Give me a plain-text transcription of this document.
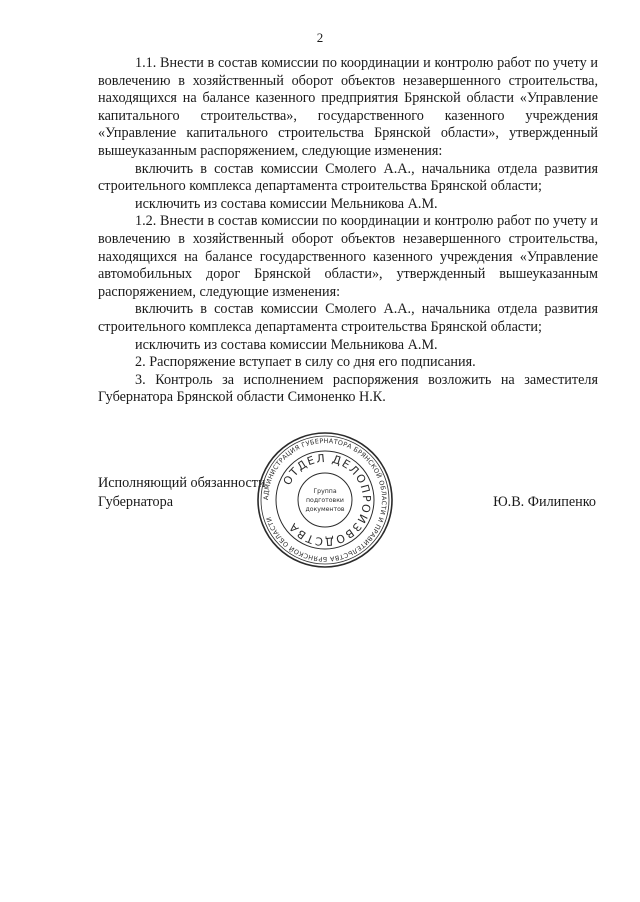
2

1.1. Внести в состав комиссии по координации и контролю работ по учету и вовлечению в хозяйственный оборот объектов незавершенного строительства, находящихся на балансе казенного предприятия Брянской области «Управление капитального строительства», государственного казенного учреждения «Управление капитального строительства Брянской области», утвержденный вышеуказанным распоряжением, следующие изменения:

включить в состав комиссии Смолего А.А., начальника отдела развития строительного комплекса департамента строительства Брянской области;

исключить из состава комиссии Мельникова А.М.

1.2. Внести в состав комиссии по координации и контролю работ по учету и вовлечению в хозяйственный оборот объектов незавершенного строительства, находящихся на балансе государственного казенного учреждения «Управление автомобильных дорог Брянской области», утвержденный вышеуказанным распоряжением, следующие изменения:

включить в состав комиссии Смолего А.А., начальника отдела развития строительного комплекса департамента строительства Брянской области;

исключить из состава комиссии Мельникова А.М.

2. Распоряжение вступает в силу со дня его подписания.

3. Контроль за исполнением распоряжения возложить на заместителя Губернатора Брянской области Симоненко Н.К.

Исполняющий обязанности
Губернатора	Ю.В. Филипенко
АДМИНИСТРАЦИЯ ГУБЕРНАТОРА БРЯНСКОЙ ОБЛАСТИ И ПРАВИТЕЛЬСТВА БРЯНСКОЙ ОБЛАСТИ
ОТДЕЛ ДЕЛОПРОИЗВОДСТВА
Группа
подготовки
документов
